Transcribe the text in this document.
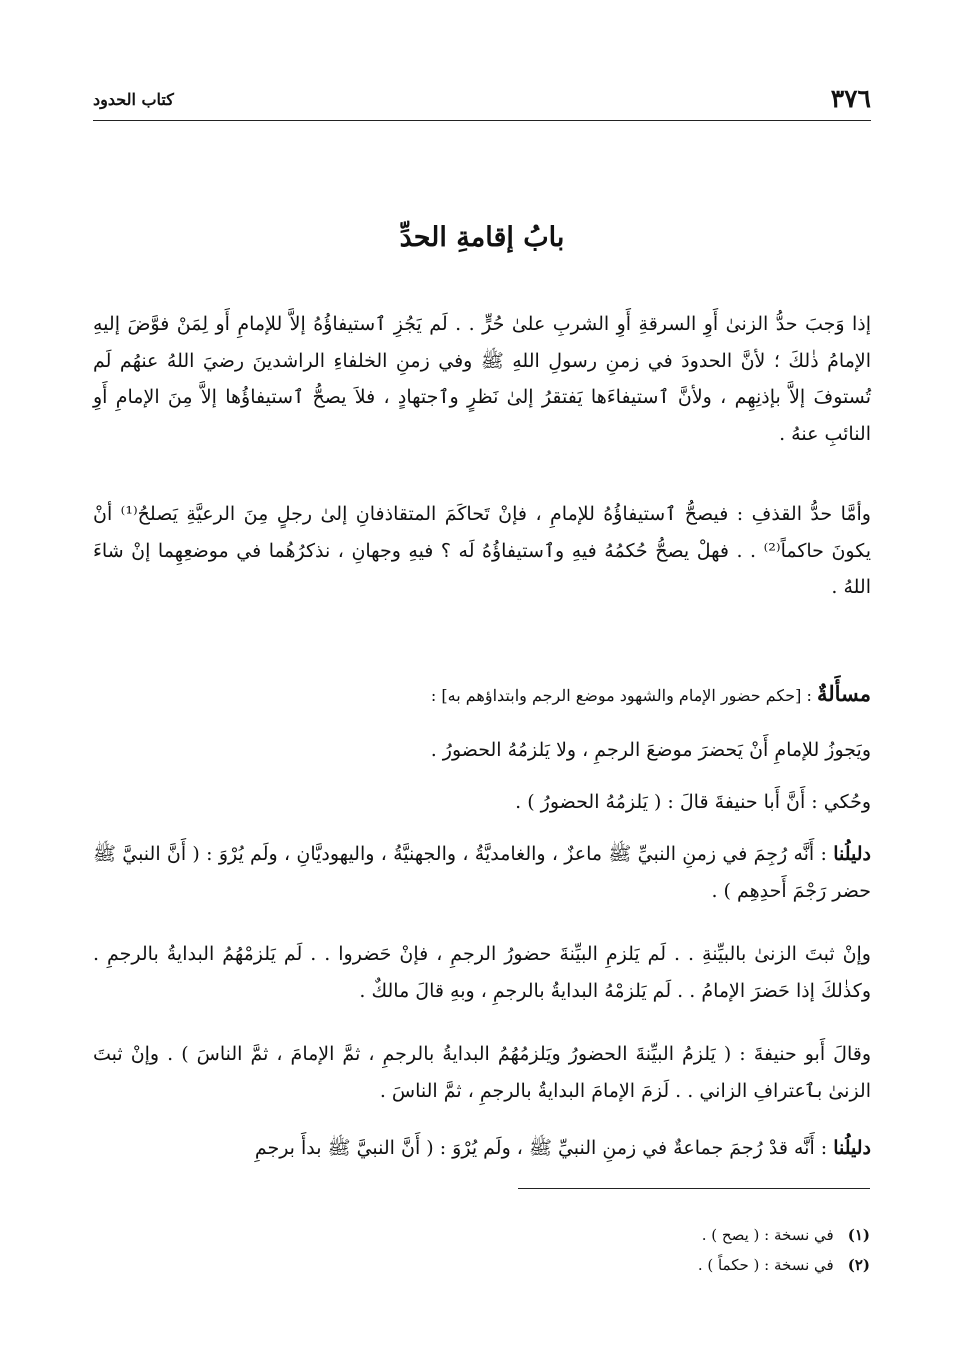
٣٧٦
كتاب الحدود
بابُ إقامةِ الحدِّ

إذا وَجبَ حدُّ الزنىٰ أَوِ السرقةِ أَوِ الشربِ علىٰ حُرٍّ . . لَم يَجُزِ ٱستيفاؤُهُ إلاَّ للإمامِ أَو لِمَنْ فوَّضَ إليهِ الإمامُ ذٰلكَ ؛ لأنَّ الحدودَ في زمنِ رسولِ اللهِ ﷺ وفي زمنِ الخلفاءِ الراشدينَ رضيَ اللهُ عنهُم لَم تُستوفَ إلاَّ بإذنِهِم ، ولأنَّ ٱستيفاءَها يَفتقرُ إلىٰ نَظرٍ وٱجتهادٍ ، فلاَ يصحُّ ٱستيفاؤُها إلاَّ مِنَ الإمامِ أَوِ النائبِ عنهُ .

وأمَّا حدُّ القذفِ : فيصحُّ ٱستيفاؤُهُ للإمامِ ، فإنْ تَحاكَمَ المتقاذفانِ إلىٰ رجلٍ مِنَ الرعيَّةِ يَصلحُ⁽¹⁾ أنْ يكونَ حاكماً⁽²⁾ . . فهلْ يصحُّ حُكمُهُ فيهِ وٱستيفاؤُهُ لَه ؟ فيهِ وجهانِ ، نذكرُهُما في موضعِهِما إنْ شاءَ اللهُ .

مسأَلةٌ : [حكم حضور الإمام والشهود موضع الرجم وابتداؤهم به] :

ويَجوزُ للإمامِ أَنْ يَحضرَ موضعَ الرجمِ ، ولا يَلزمُهُ الحضورُ .

وحُكي : أَنَّ أَبا حنيفةَ قالَ : ( يَلزمُهُ الحضورُ ) .

دليلُنا : أَنَّه رُجِمَ في زمنِ النبيِّ ﷺ ماعزٌ ، والغامديَّةُ ، والجهنيَّةُ ، واليهوديَّانِ ، ولَم يُرْوَ : ( أَنَّ النبيَّ ﷺ حضر رَجْمَ أَحدِهِم ) .

وإنْ ثبتَ الزنىٰ بالبيِّنةِ . . لَم يَلزمِ البيِّنةَ حضورُ الرجمِ ، فإنْ حَضروا . . لَم يَلزمْهُمُ البدايةُ بالرجمِ . وكذٰلكَ إذا حَضرَ الإمامُ . . لَم يَلزمْهُ البدايةُ بالرجمِ ، وبهِ قالَ مالكٌ .

وقالَ أَبو حنيفةَ : ( يَلزمُ البيِّنةَ الحضورُ ويَلزمُهُمُ البدايةُ بالرجمِ ، ثمَّ الإمامَ ، ثمَّ الناسَ ) . وإنْ ثبتَ الزنىٰ بٱعترافِ الزاني . . لَزمَ الإمامَ البدايةُ بالرجمِ ، ثمَّ الناسَ .

دليلُنا : أَنَّه قدْ رُجمَ جماعةٌ في زمنِ النبيِّ ﷺ ، ولَم يُرْوَ : ( أَنَّ النبيَّ ﷺ بدأَ برجمِ

(١)
في نسخة : ( يصح ) .
(٢)
في نسخة : ( حكماً ) .
